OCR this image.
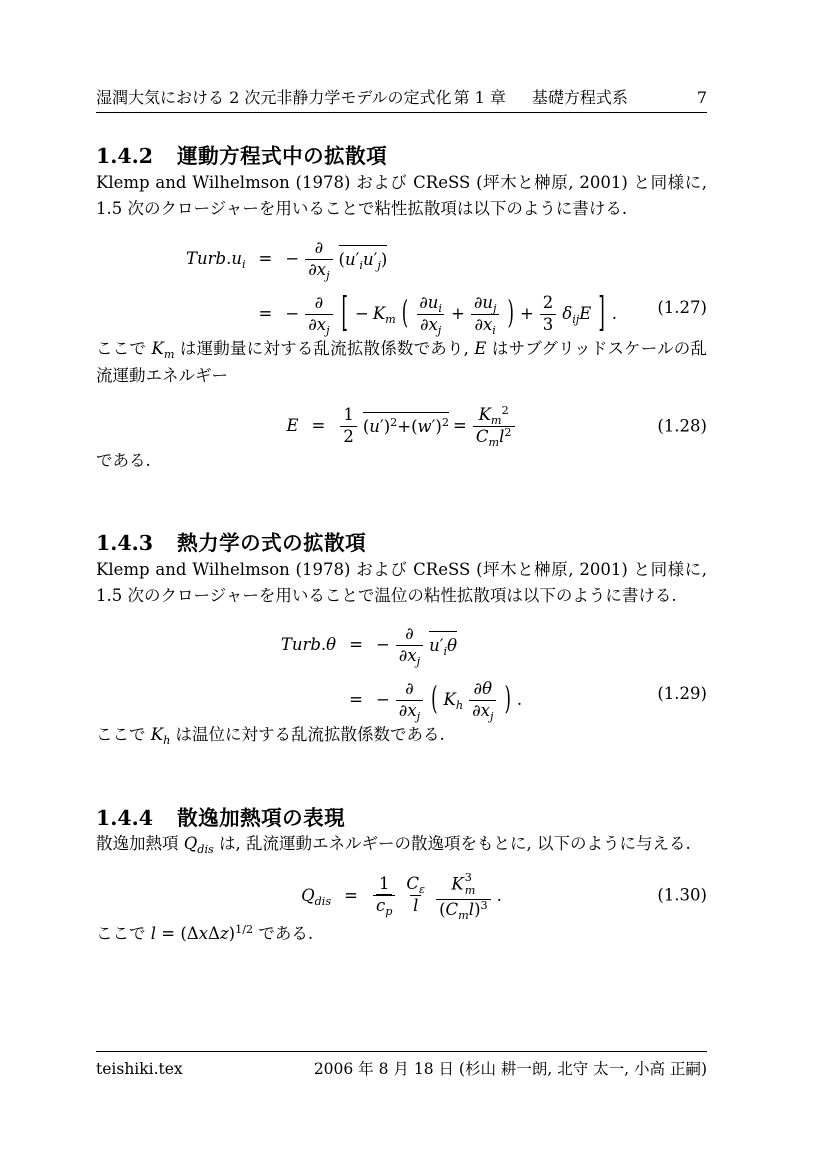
湿潤大気における 2 次元非静力学モデルの定式化 第 1 章 基礎方程式系	7
1.4.2 運動方程式中の拡散項

Klemp and Wilhelmson (1978) および CReSS (坪木と榊原, 2001) と同様に, 1.5 次のクロージャーを用いることで粘性拡散項は以下のように書ける.

$Turb.u_i$ = − $\frac{\partial}{\partial x_j} (u'_iu'_j)$
= − $\frac{\partial}{\partial x_j}$ [ − $K_m$ ( $\frac{\partial u_i}{\partial x_j} + \frac{\partial u_j}{\partial x_i}$ ) + $\frac{2}{3} \delta_{ij}E$ ] . (1.27)

ここで $K_m$ は運動量に対する乱流拡散係数であり, E はサブグリッドスケールの乱流運動エネルギー

$E = \frac{1}{2} (u')^2+(w')^2 = \frac{K_m^2}{C_ml^2}$	(1.28)

である.

1.4.3 熱力学の式の拡散項

Klemp and Wilhelmson (1978) および CReSS (坪木と榊原, 2001) と同様に, 1.5 次のクロージャーを用いることで温位の粘性拡散項は以下のように書ける.

Turb.θ = − $\frac{\partial}{\partial x_j} u'_i\theta$
= − $\frac{\partial}{\partial x_j}$ ( $K_h \frac{\partial\theta}{\partial x_j}$ ) .	(1.29)

ここで $K_h$ は温位に対する乱流拡散係数である.

1.4.4 散逸加熱項の表現

散逸加熱項 $Q_{dis}$ は, 乱流運動エネルギーの散逸項をもとに, 以下のように与える.

$Q_{dis} = \frac{1}{c_p} \frac{C_\varepsilon}{l}$ K 3
m
$(C_ml)^3$ .	(1.30)

ここで $l = (\Delta x\Delta z)^{1/2}$ である.

teishiki.tex	2006 年 8 月 18 日 (杉山 耕一朗, 北守 太一, 小高 正嗣)
